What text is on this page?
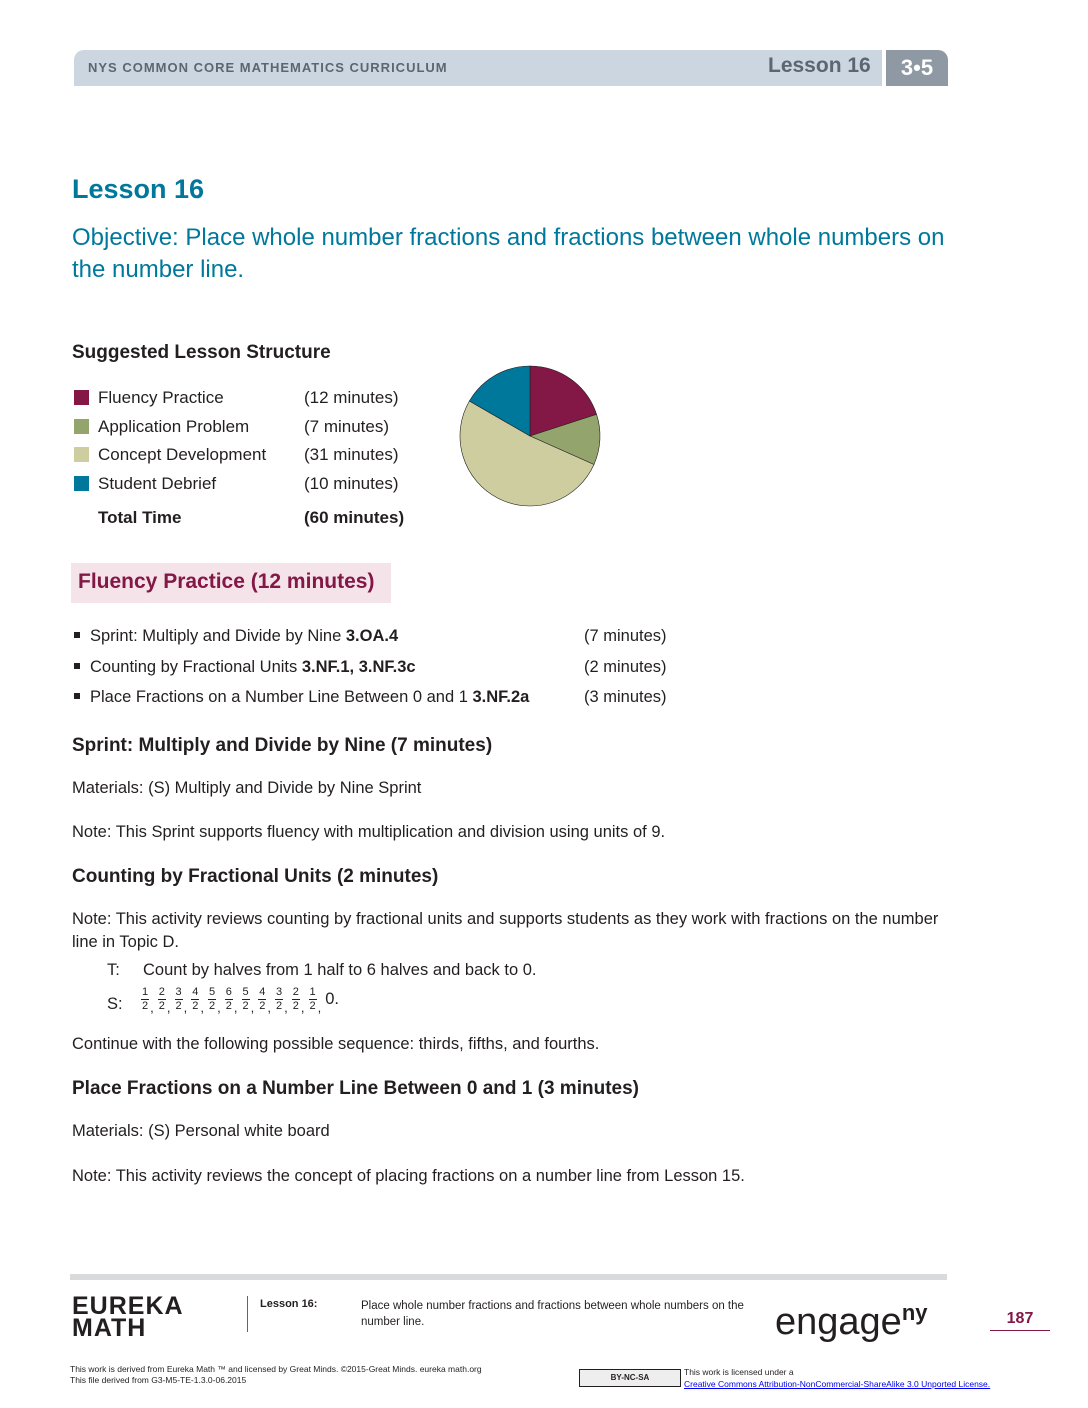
NYS COMMON CORE MATHEMATICS CURRICULUM	Lesson 16	3•5
Lesson 16
Objective: Place whole number fractions and fractions between whole numbers on the number line.
Suggested Lesson Structure
Fluency Practice	(12 minutes)
Application Problem	(7 minutes)
Concept Development (31 minutes)
Student Debrief	(10 minutes)
Total Time	(60 minutes)
Fluency Practice (12 minutes)
Sprint: Multiply and Divide by Nine 3.OA.4	(7 minutes)
Counting by Fractional Units 3.NF.1, 3.NF.3c	(2 minutes)
Place Fractions on a Number Line Between 0 and 1 3.NF.2a	(3 minutes)
Sprint: Multiply and Divide by Nine (7 minutes)
Materials: (S) Multiply and Divide by Nine Sprint
Note: This Sprint supports fluency with multiplication and division using units of 9.
Counting by Fractional Units (2 minutes)
Note: This activity reviews counting by fractional units and supports students as they work with fractions on the number line in Topic D.
T: Count by halves from 1 half to 6 halves and back to 0.
S: $\frac{1}{2} _, \frac{2}{2} _, \frac{3}{2} _, \frac{4}{2} _, \frac{5}{2} _, \frac{6}{2} _, \frac{5}{2} _, \frac{4}{2} _, \frac{3}{2} _, \frac{2}{2} _, \frac{1}{2} _,$ 0.
Continue with the following possible sequence: thirds, fifths, and fourths.
Place Fractions on a Number Line Between 0 and 1 (3 minutes)
Materials: (S) Personal white board
Note: This activity reviews the concept of placing fractions on a number line from Lesson 15.
EUREKA
MATH
Lesson 16:	Place whole number fractions and fractions between whole numbers on the number line.	engage$^{ny}$	187
This work is derived from Eureka Math ™ and licensed by Great Minds. ©2015-Great Minds. eureka math.org
This file derived from G3-M5-TE-1.3.0-06.2015	BY-NC-SA
This work is licensed under a
Creative Commons Attribution-NonCommercial-ShareAlike 3.0 Unported License.
